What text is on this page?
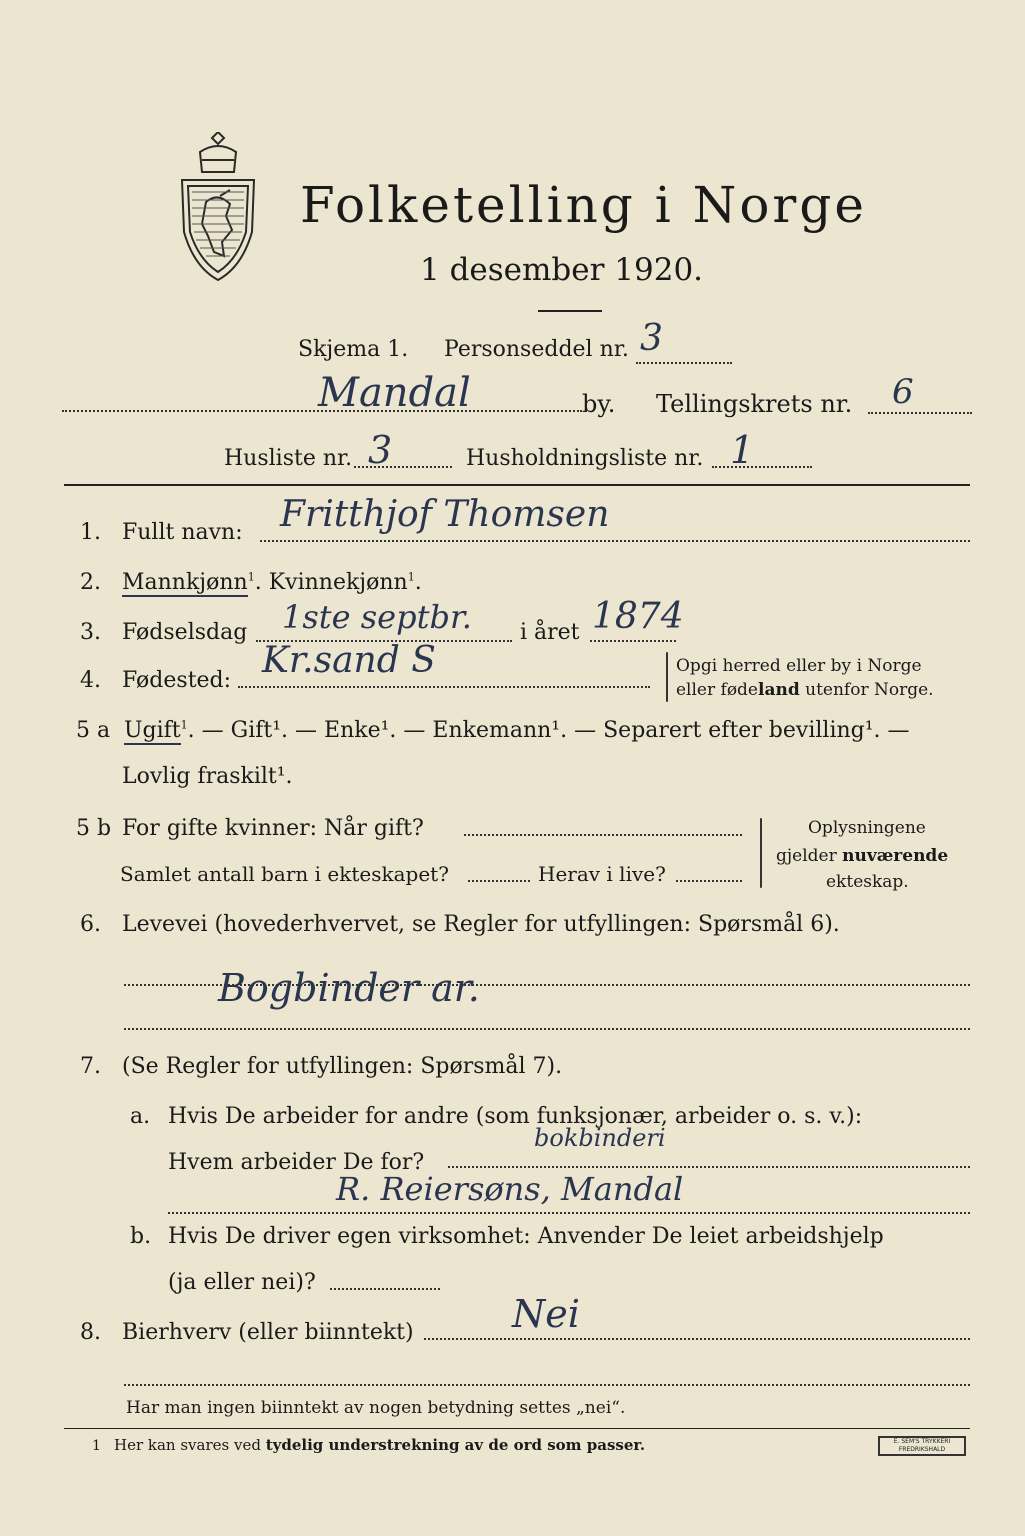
Folketelling i Norge
1 desember 1920.
Skjema 1. Personseddel nr. 3
Mandal	by. Tellingskrets nr. 6
Husliste nr. 3	Husholdningsliste nr. 1
1. Fullt navn: Fritthjof Thomsen
2. Mannkjønn$^1$. Kvinnekjønn$^1$.
3. Fødselsdag 1ste septbr. i året 1874
4. Fødested: Kr.sand S	Opgi herred eller by i Norge
eller fødeland utenfor Norge.
5 a Ugift$^1$. — Gift¹. — Enke¹. — Enkemann¹. — Separert efter bevilling¹. —
Lovlig fraskilt¹.
5 b For gifte kvinner: Når gift?
Samlet antall barn i ekteskapet?	Herav i live?
Oplysningene
gjelder nuværende
ekteskap.
6. Levevei (hovederhvervet, se Regler for utfyllingen: Spørsmål 6).
Bogbinder ar.
7. (Se Regler for utfyllingen: Spørsmål 7).
a. Hvis De arbeider for andre (som funksjonær, arbeider o. s. v.):
Hvem arbeider De for?
bokbinderi
R. Reiersøns, Mandal
b. Hvis De driver egen virksomhet: Anvender De leiet arbeidshjelp
(ja eller nei)?
8. Bierhverv (eller biinntekt)	Nei
Har man ingen biinntekt av nogen betydning settes „nei“.
1 Her kan svares ved tydelig understrekning av de ord som passer.	E. SEM'S TRYKKERI
FREDRIKSHALD
